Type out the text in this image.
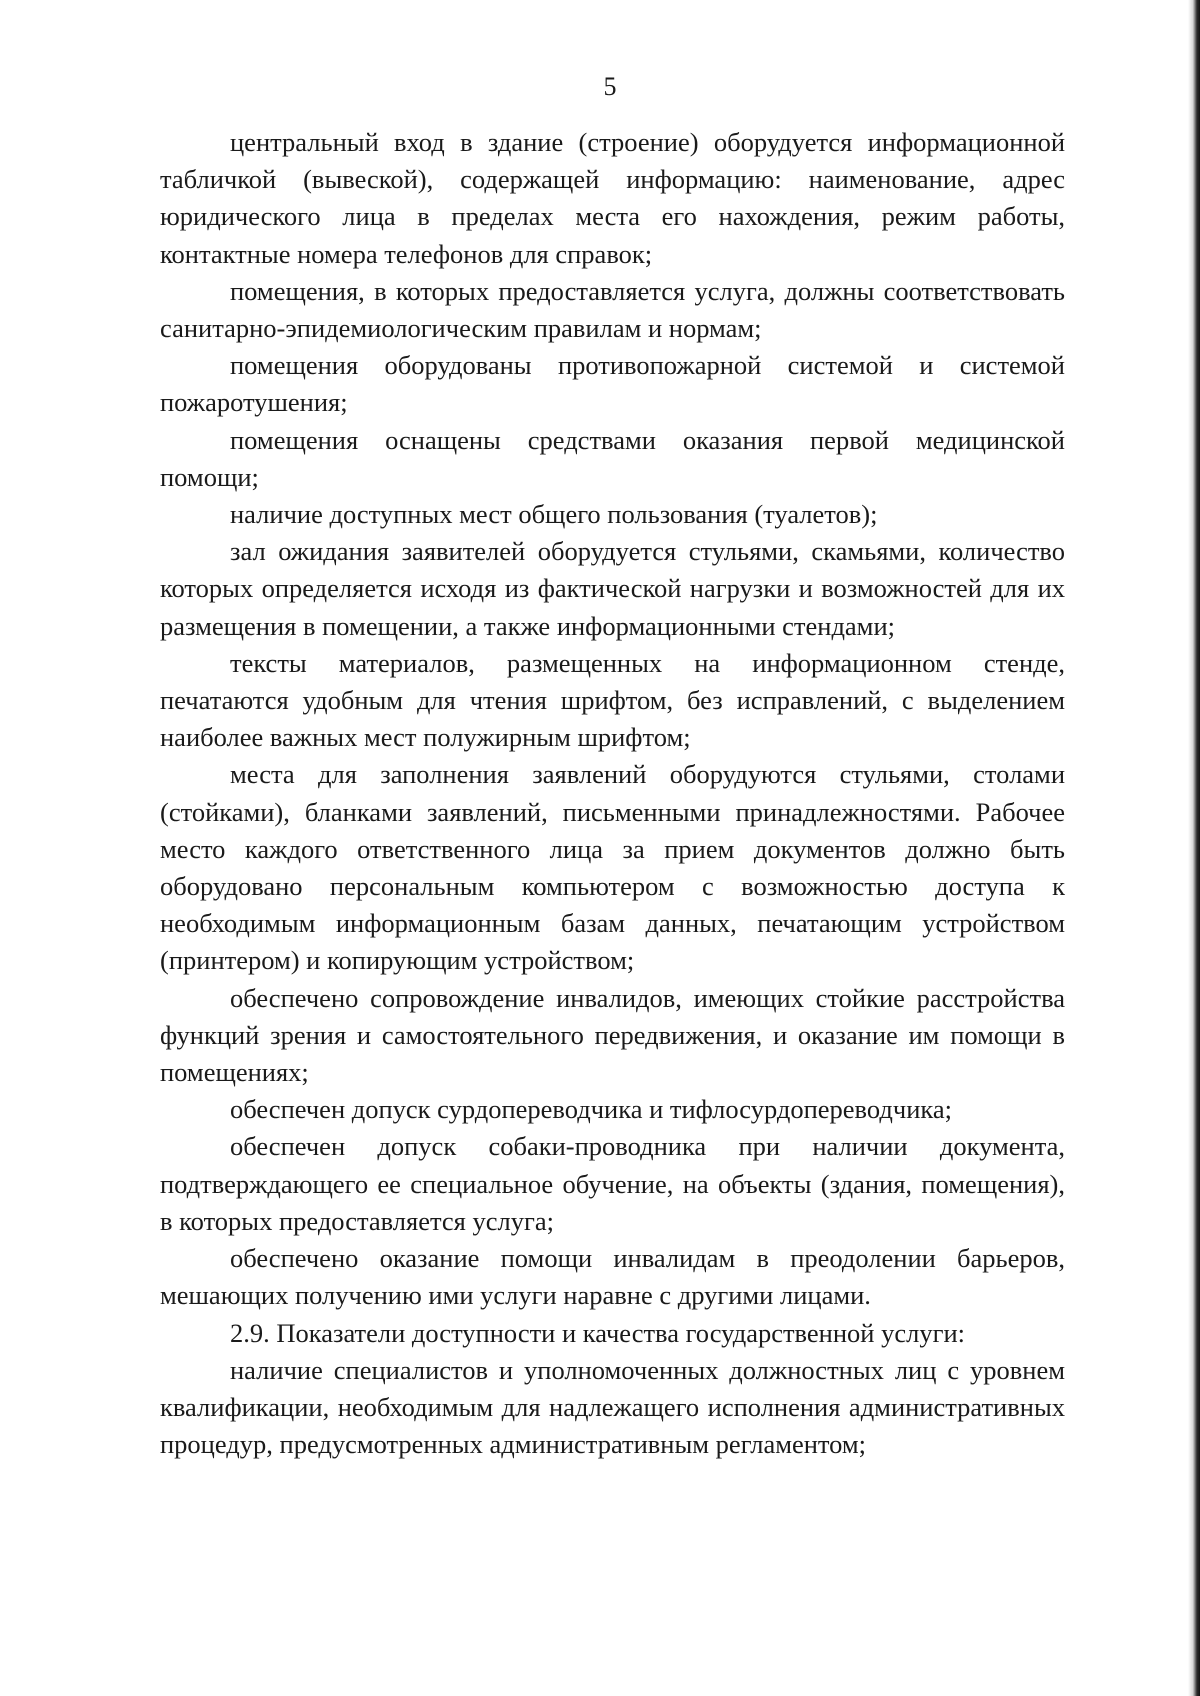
5

центральный вход в здание (строение) оборудуется информационной табличкой (вывеской), содержащей информацию: наименование, адрес юридического лица в пределах места его нахождения, режим работы, контактные номера телефонов для справок;

помещения, в которых предоставляется услуга, должны соответствовать санитарно-эпидемиологическим правилам и нормам;

помещения оборудованы противопожарной системой и системой пожаротушения;

помещения оснащены средствами оказания первой медицинской помощи;

наличие доступных мест общего пользования (туалетов);

зал ожидания заявителей оборудуется стульями, скамьями, количество которых определяется исходя из фактической нагрузки и возможностей для их размещения в помещении, а также информационными стендами;

тексты материалов, размещенных на информационном стенде, печатаются удобным для чтения шрифтом, без исправлений, с выделением наиболее важных мест полужирным шрифтом;

места для заполнения заявлений оборудуются стульями, столами (стойками), бланками заявлений, письменными принадлежностями. Рабочее место каждого ответственного лица за прием документов должно быть оборудовано персональным компьютером с возможностью доступа к необходимым информационным базам данных, печатающим устройством (принтером) и копирующим устройством;

обеспечено сопровождение инвалидов, имеющих стойкие расстройства функций зрения и самостоятельного передвижения, и оказание им помощи в помещениях;

обеспечен допуск сурдопереводчика и тифлосурдопереводчика;

обеспечен допуск собаки-проводника при наличии документа, подтверждающего ее специальное обучение, на объекты (здания, помещения), в которых предоставляется услуга;

обеспечено оказание помощи инвалидам в преодолении барьеров, мешающих получению ими услуги наравне с другими лицами.

2.9. Показатели доступности и качества государственной услуги:

наличие специалистов и уполномоченных должностных лиц с уровнем квалификации, необходимым для надлежащего исполнения административных процедур, предусмотренных административным регламентом;
